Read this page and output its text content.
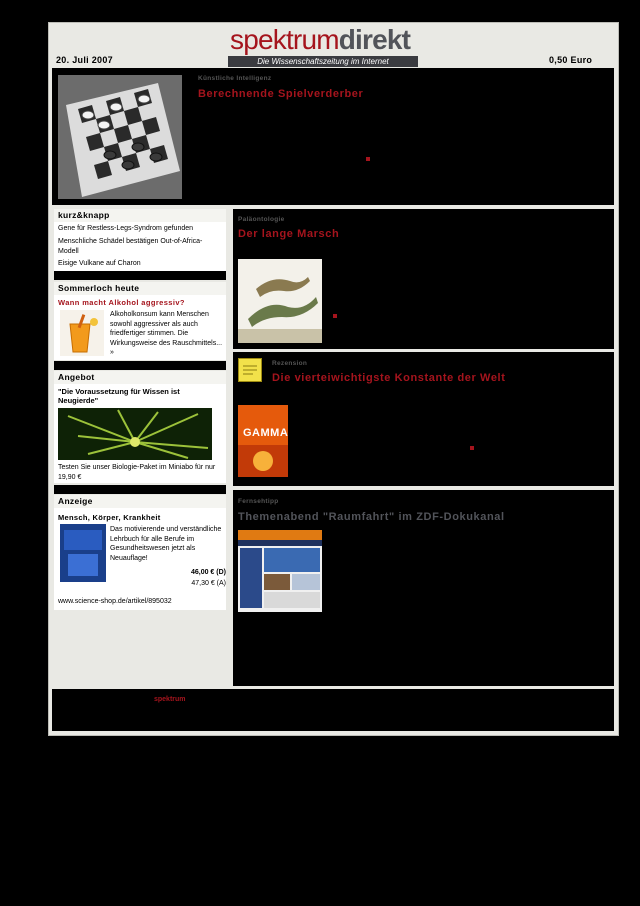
20. Juli 2007	0,50 Euro
spektrumdirekt
Die Wissenschaftszeitung im Internet
Künstliche Intelligenz
Berechnende Spielverderber
kurz&knapp
Gene für Restless-Legs-Syndrom gefunden
Menschliche Schädel bestätigen Out-of-Africa-Modell
Eisige Vulkane auf Charon
Sommerloch heute
Wann macht Alkohol aggressiv?
Alkoholkonsum kann Menschen sowohl aggressiver als auch friedfertiger stimmen. Die Wirkungsweise des Rauschmittels... »
Angebot
"Die Voraussetzung für Wissen ist Neugierde"
Testen Sie unser Biologie-Paket im Miniabo für nur 19,90 €
Anzeige
Mensch, Körper, Krankheit
Das motivierende und verständliche Lehrbuch für alle Berufe im Gesundheitswesen jetzt als Neuauflage!
46,00 € (D)
47,30 € (A)
www.science-shop.de/artikel/895032
Paläontologie
Der lange Marsch
Rezension
Die vierteiwichtigste Konstante der Welt
GAMMA
Fernsehtipp
Themenabend "Raumfahrt" im ZDF-Dokukanal
spektrum
